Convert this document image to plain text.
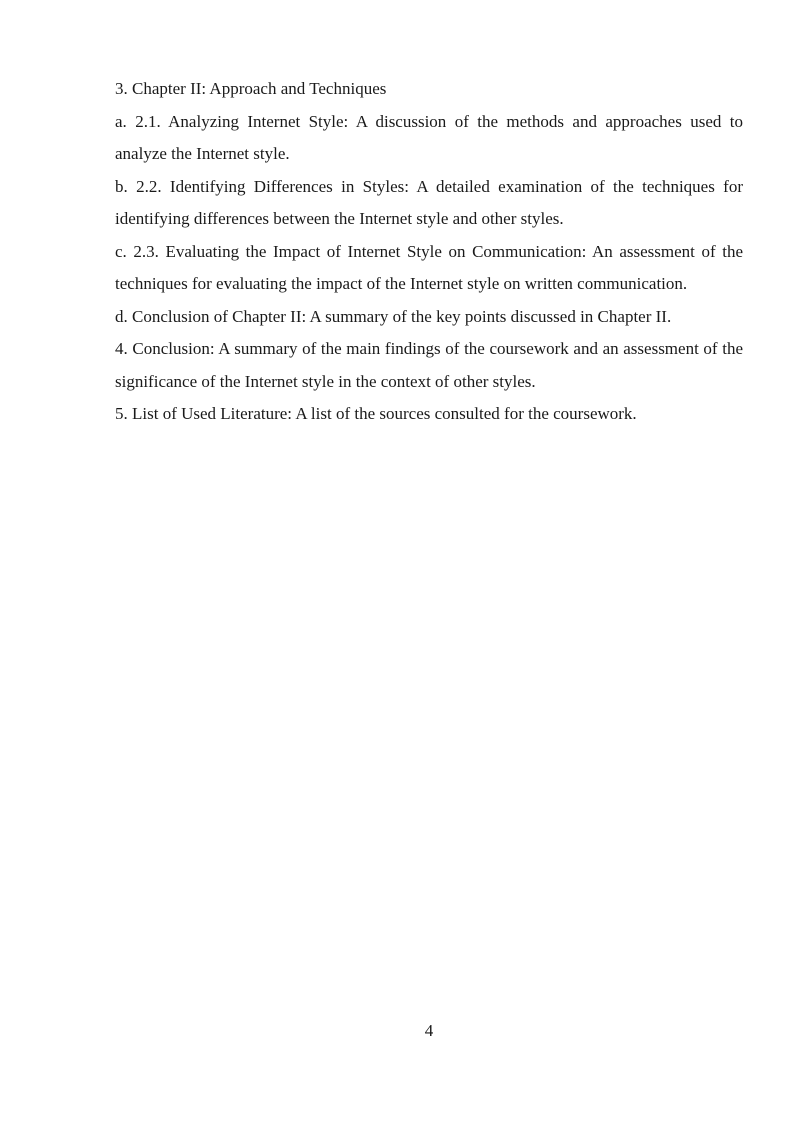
3. Chapter II: Approach and Techniques

a. 2.1. Analyzing Internet Style: A discussion of the methods and approaches used to analyze the Internet style.

b. 2.2. Identifying Differences in Styles: A detailed examination of the techniques for identifying differences between the Internet style and other styles.

c. 2.3. Evaluating the Impact of Internet Style on Communication: An assessment of the techniques for evaluating the impact of the Internet style on written communication.

d. Conclusion of Chapter II: A summary of the key points discussed in Chapter II.

4. Conclusion: A summary of the main findings of the coursework and an assessment of the significance of the Internet style in the context of other styles.

5. List of Used Literature: A list of the sources consulted for the coursework.

4
